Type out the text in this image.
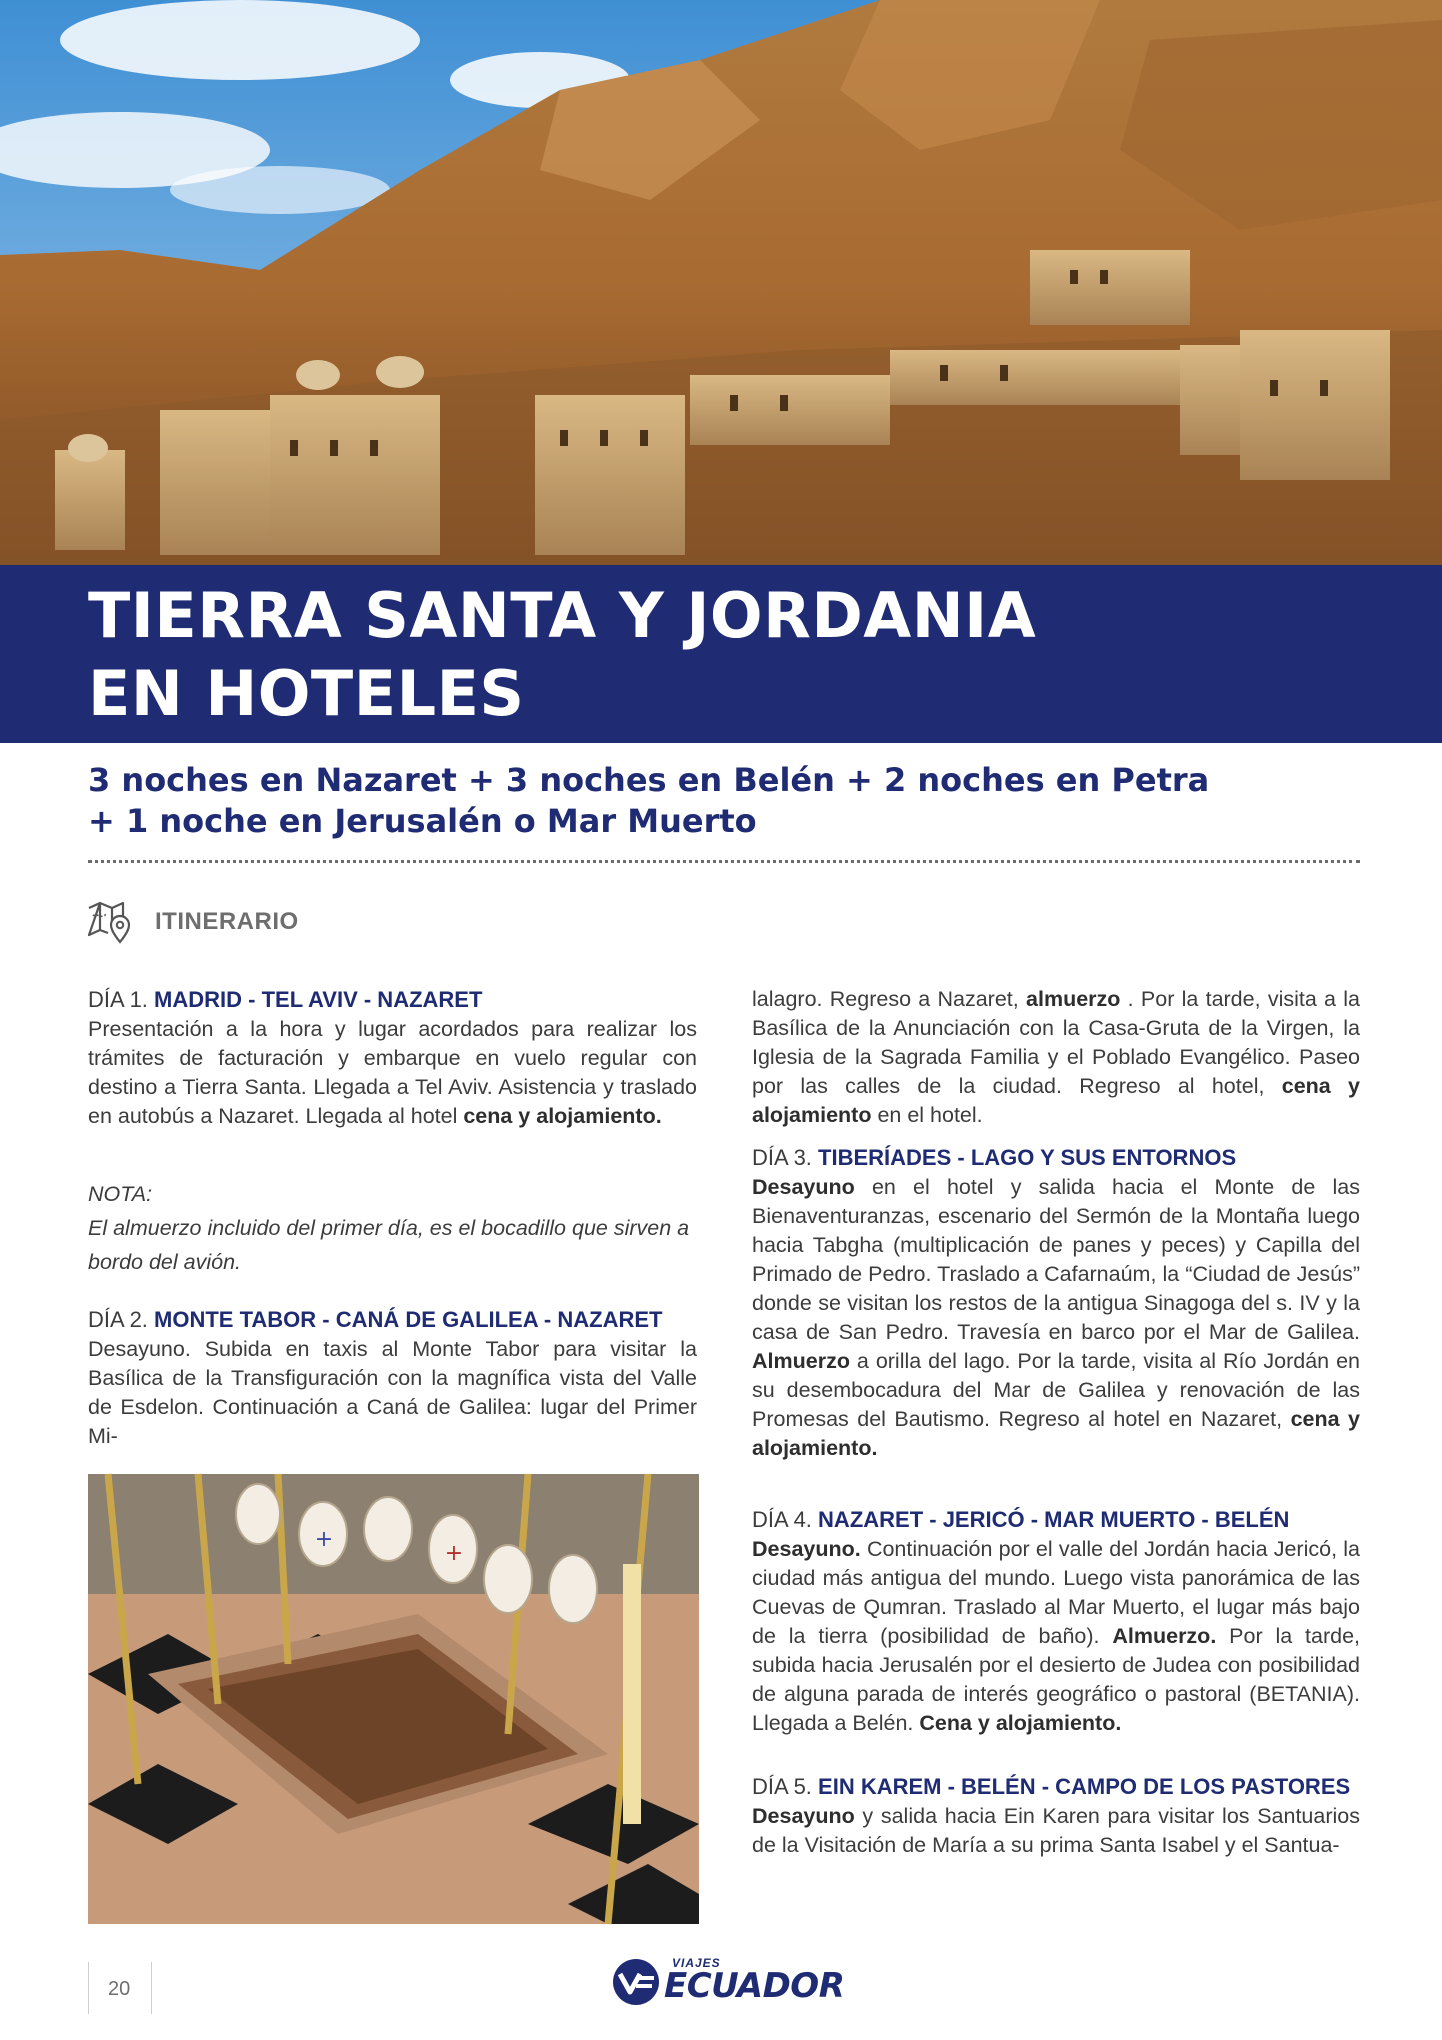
TIERRA SANTA Y JORDANIA
EN HOTELES

3 noches en Nazaret + 3 noches en Belén + 2 noches en Petra
+ 1 noche en Jerusalén o Mar Muerto

ITINERARIO

DÍA 1. MADRID - TEL AVIV - NAZARET

Presentación a la hora y lugar acordados para realizar los trámites de facturación y embarque en vuelo regular con destino a Tierra Santa. Llegada a Tel Aviv. Asistencia y traslado en autobús a Nazaret. Llegada al hotel cena y alojamiento.

NOTA:

El almuerzo incluido del primer día, es el bocadillo que sirven a bordo del avión.

DÍA 2. MONTE TABOR - CANÁ DE GALILEA - NAZARET

Desayuno. Subida en taxis al Monte Tabor para visitar la Basílica de la Transfiguración con la magnífica vista del Valle de Esdelon. Continuación a Caná de Galilea: lugar del Primer Mi-

+
+

lalagro. Regreso a Nazaret, almuerzo . Por la tarde, visita a la Basílica de la Anunciación con la Casa-Gruta de la Virgen, la Iglesia de la Sagrada Familia y el Poblado Evangélico. Paseo por las calles de la ciudad. Regreso al hotel, cena y alojamiento en el hotel.

DÍA 3. TIBERÍADES - LAGO Y SUS ENTORNOS

Desayuno en el hotel y salida hacia el Monte de las Bienaventuranzas, escenario del Sermón de la Montaña luego hacia Tabgha (multiplicación de panes y peces) y Capilla del Primado de Pedro. Traslado a Cafarnaúm, la “Ciudad de Jesús” donde se visitan los restos de la antigua Sinagoga del s. IV y la casa de San Pedro. Travesía en barco por el Mar de Galilea. Almuerzo a orilla del lago. Por la tarde, visita al Río Jordán en su desembocadura del Mar de Galilea y renovación de las Promesas del Bautismo. Regreso al hotel en Nazaret, cena y alojamiento.

DÍA 4. NAZARET - JERICÓ - MAR MUERTO - BELÉN

Desayuno. Continuación por el valle del Jordán hacia Jericó, la ciudad más antigua del mundo. Luego vista panorámica de las Cuevas de Qumran. Traslado al Mar Muerto, el lugar más bajo de la tierra (posibilidad de baño). Almuerzo. Por la tarde, subida hacia Jerusalén por el desierto de Judea con posibilidad de alguna parada de interés geográfico o pastoral (BETANIA). Llegada a Belén. Cena y alojamiento.

DÍA 5. EIN KAREM - BELÉN - CAMPO DE LOS PASTORES

Desayuno y salida hacia Ein Karen para visitar los Santuarios de la Visitación de María a su prima Santa Isabel y el Santua-

20
VIAJES
ECUADOR
